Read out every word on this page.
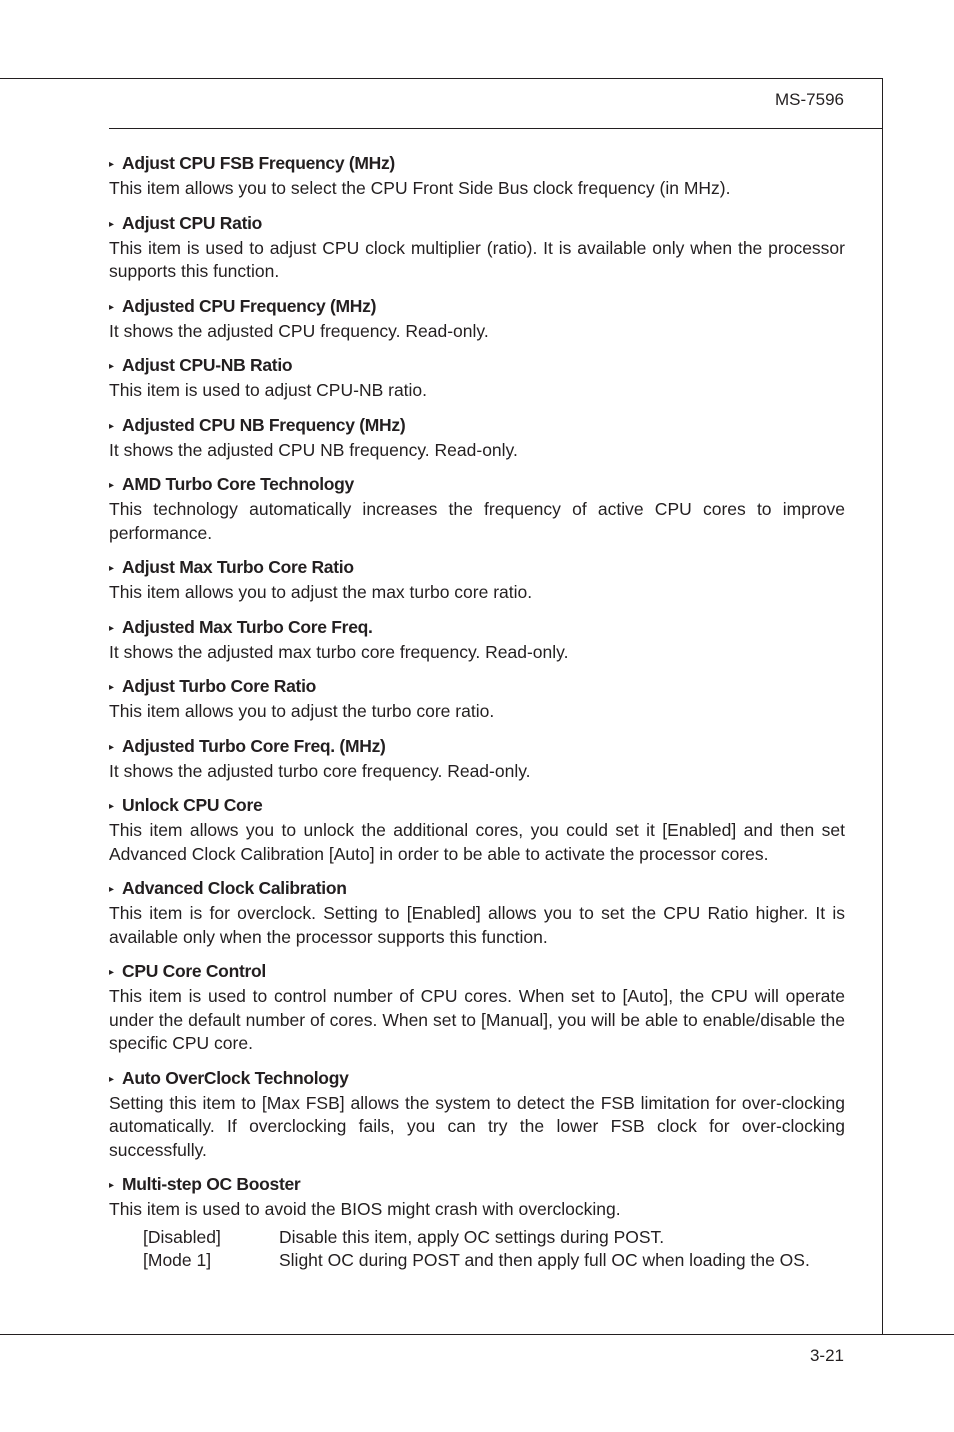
MS-7596
▸ Adjust CPU FSB Frequency (MHz)

This item allows you to select the CPU Front Side Bus clock frequency (in MHz).

▸ Adjust CPU Ratio

This item is used to adjust CPU clock multiplier (ratio). It is available only when the processor supports this function.

▸ Adjusted CPU Frequency (MHz)

It shows the adjusted CPU frequency. Read-only.

▸ Adjust CPU-NB Ratio

This item is used to adjust CPU-NB ratio.

▸ Adjusted CPU NB Frequency (MHz)

It shows the adjusted CPU NB frequency. Read-only.

▸ AMD Turbo Core Technology

This technology automatically increases the frequency of active CPU cores to improve performance.

▸ Adjust Max Turbo Core Ratio

This item allows you to adjust the max turbo core ratio.

▸ Adjusted Max Turbo Core Freq.

It shows the adjusted max turbo core frequency. Read-only.

▸ Adjust Turbo Core Ratio

This item allows you to adjust the turbo core ratio.

▸ Adjusted Turbo Core Freq. (MHz)

It shows the adjusted turbo core frequency. Read-only.

▸ Unlock CPU Core

This item allows you to unlock the additional cores, you could set it [Enabled] and then set Advanced Clock Calibration [Auto] in order to be able to activate the processor cores.

▸ Advanced Clock Calibration

This item is for overclock. Setting to [Enabled] allows you to set the CPU Ratio higher. It is available only when the processor supports this function.

▸ CPU Core Control

This item is used to control number of CPU cores. When set to [Auto], the CPU will operate under the default number of cores. When set to [Manual], you will be able to enable/disable the specific CPU core.

▸ Auto OverClock Technology

Setting this item to [Max FSB] allows the system to detect the FSB limitation for over-clocking automatically. If overclocking fails, you can try the lower FSB clock for over-clocking successfully.

▸ Multi-step OC Booster

This item is used to avoid the BIOS might crash with overclocking.

[Disabled]	Disable this item, apply OC settings during POST.
[Mode 1]	Slight OC during POST and then apply full OC when loading the OS.
3-21
